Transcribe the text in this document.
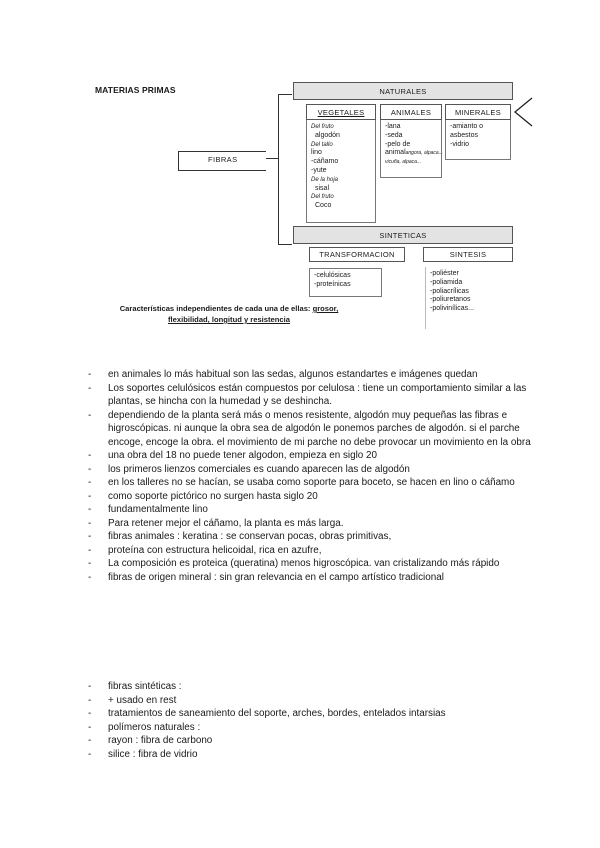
MATERIAS PRIMAS
FIBRAS
NATURALES
VEGETALES	ANIMALES	MINERALES
Del fruto
algodón
Del tallo
lino
-cáñamo
-yute
De la hoja
sisal
Del fruto
Coco
-lana
-seda
-pelo de
animalangora, alpaca...
vicuña, alpaca...
-amianto o
asbestos
-vidrio
SINTETICAS
TRANSFORMACION	SINTESIS
-celulósicas
-proteínicas
-poliéster
-poliamida
-poliacrílicas
-poliuretanos
-polivinílicas...
Características independientes de cada una de ellas: grosor,
flexibilidad, longitud y resistencia
- en animales lo más habitual son las sedas, algunos estandartes e imágenes quedan
- Los soportes celulósicos están compuestos por celulosa : tiene un comportamiento similar a las plantas, se hincha con la humedad y se deshincha.
- dependiendo de la planta será más o menos resistente, algodón muy pequeñas las fibras e higroscópicas. ni aunque la obra sea de algodón le ponemos parches de algodón. si el parche encoge, encoge la obra. el movimiento de mi parche no debe provocar un movimiento en la obra
- una obra del 18 no puede tener algodon, empieza en siglo 20
- los primeros lienzos comerciales es cuando aparecen las de algodón
- en los talleres no se hacían, se usaba como soporte para boceto, se hacen en lino o cáñamo
- como soporte pictórico no surgen hasta siglo 20
- fundamentalmente lino
- Para retener mejor el cáñamo, la planta es más larga.
- fibras animales : keratina : se conservan pocas, obras primitivas,
- proteína con estructura helicoidal, rica en azufre,
- La composición es proteica (queratina) menos higroscópica. van cristalizando más rápido
- fibras de origen mineral : sin gran relevancia en el campo artístico tradicional
- fibras sintéticas :
- + usado en rest
- tratamientos de saneamiento del soporte, arches, bordes, entelados intarsias
- polímeros naturales :
- rayon : fibra de carbono
- silice : fibra de vidrio
